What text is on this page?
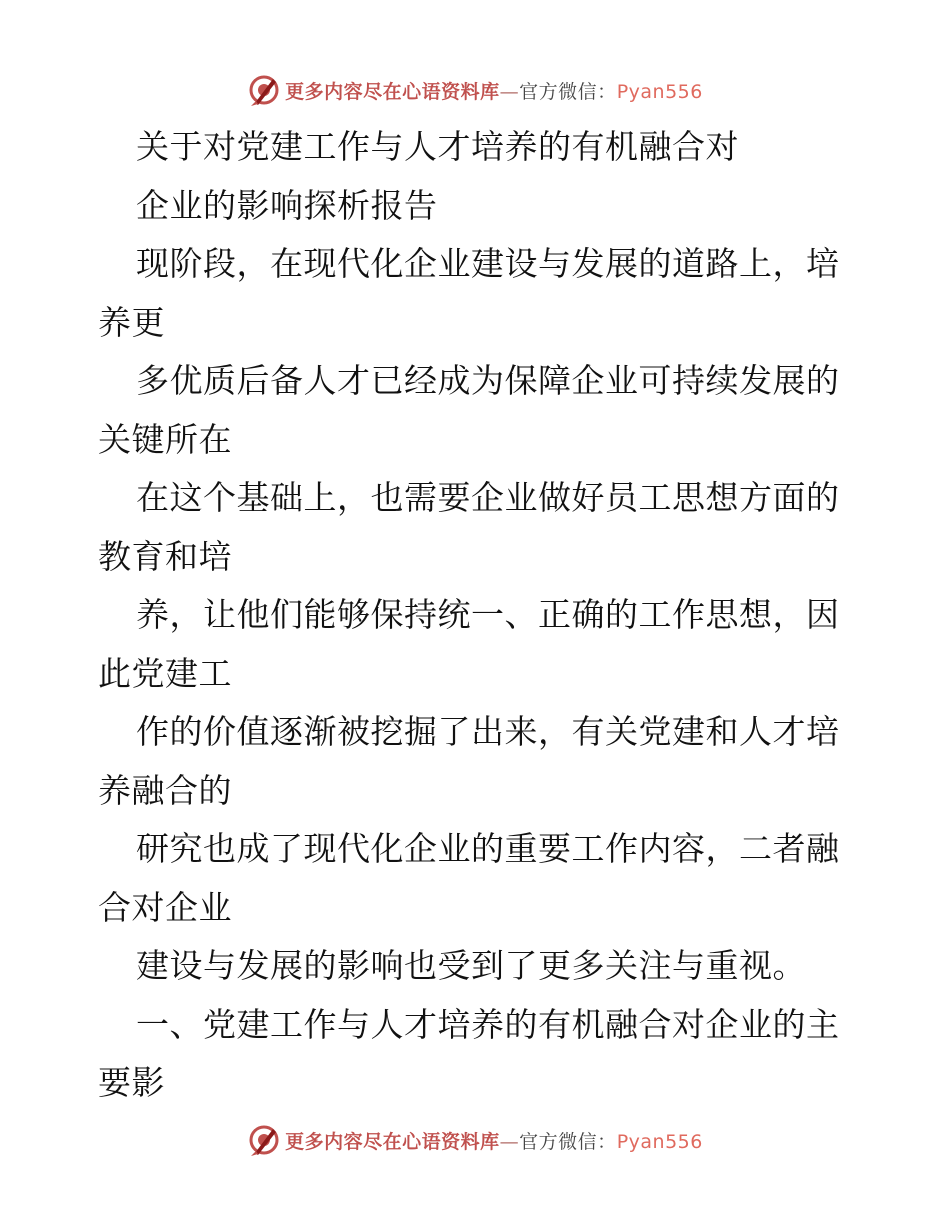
更多内容尽在心语资料库—官方微信：Pyan556
关于对党建工作与人才培养的有机融合对
企业的影响探析报告
现阶段，在现代化企业建设与发展的道路上，培
养更
多优质后备人才已经成为保障企业可持续发展的
关键所在
在这个基础上，也需要企业做好员工思想方面的
教育和培
养，让他们能够保持统一、正确的工作思想，因
此党建工
作的价值逐渐被挖掘了出来，有关党建和人才培
养融合的
研究也成了现代化企业的重要工作内容，二者融
合对企业
建设与发展的影响也受到了更多关注与重视。
一、党建工作与人才培养的有机融合对企业的主
要影
更多内容尽在心语资料库—官方微信：Pyan556
